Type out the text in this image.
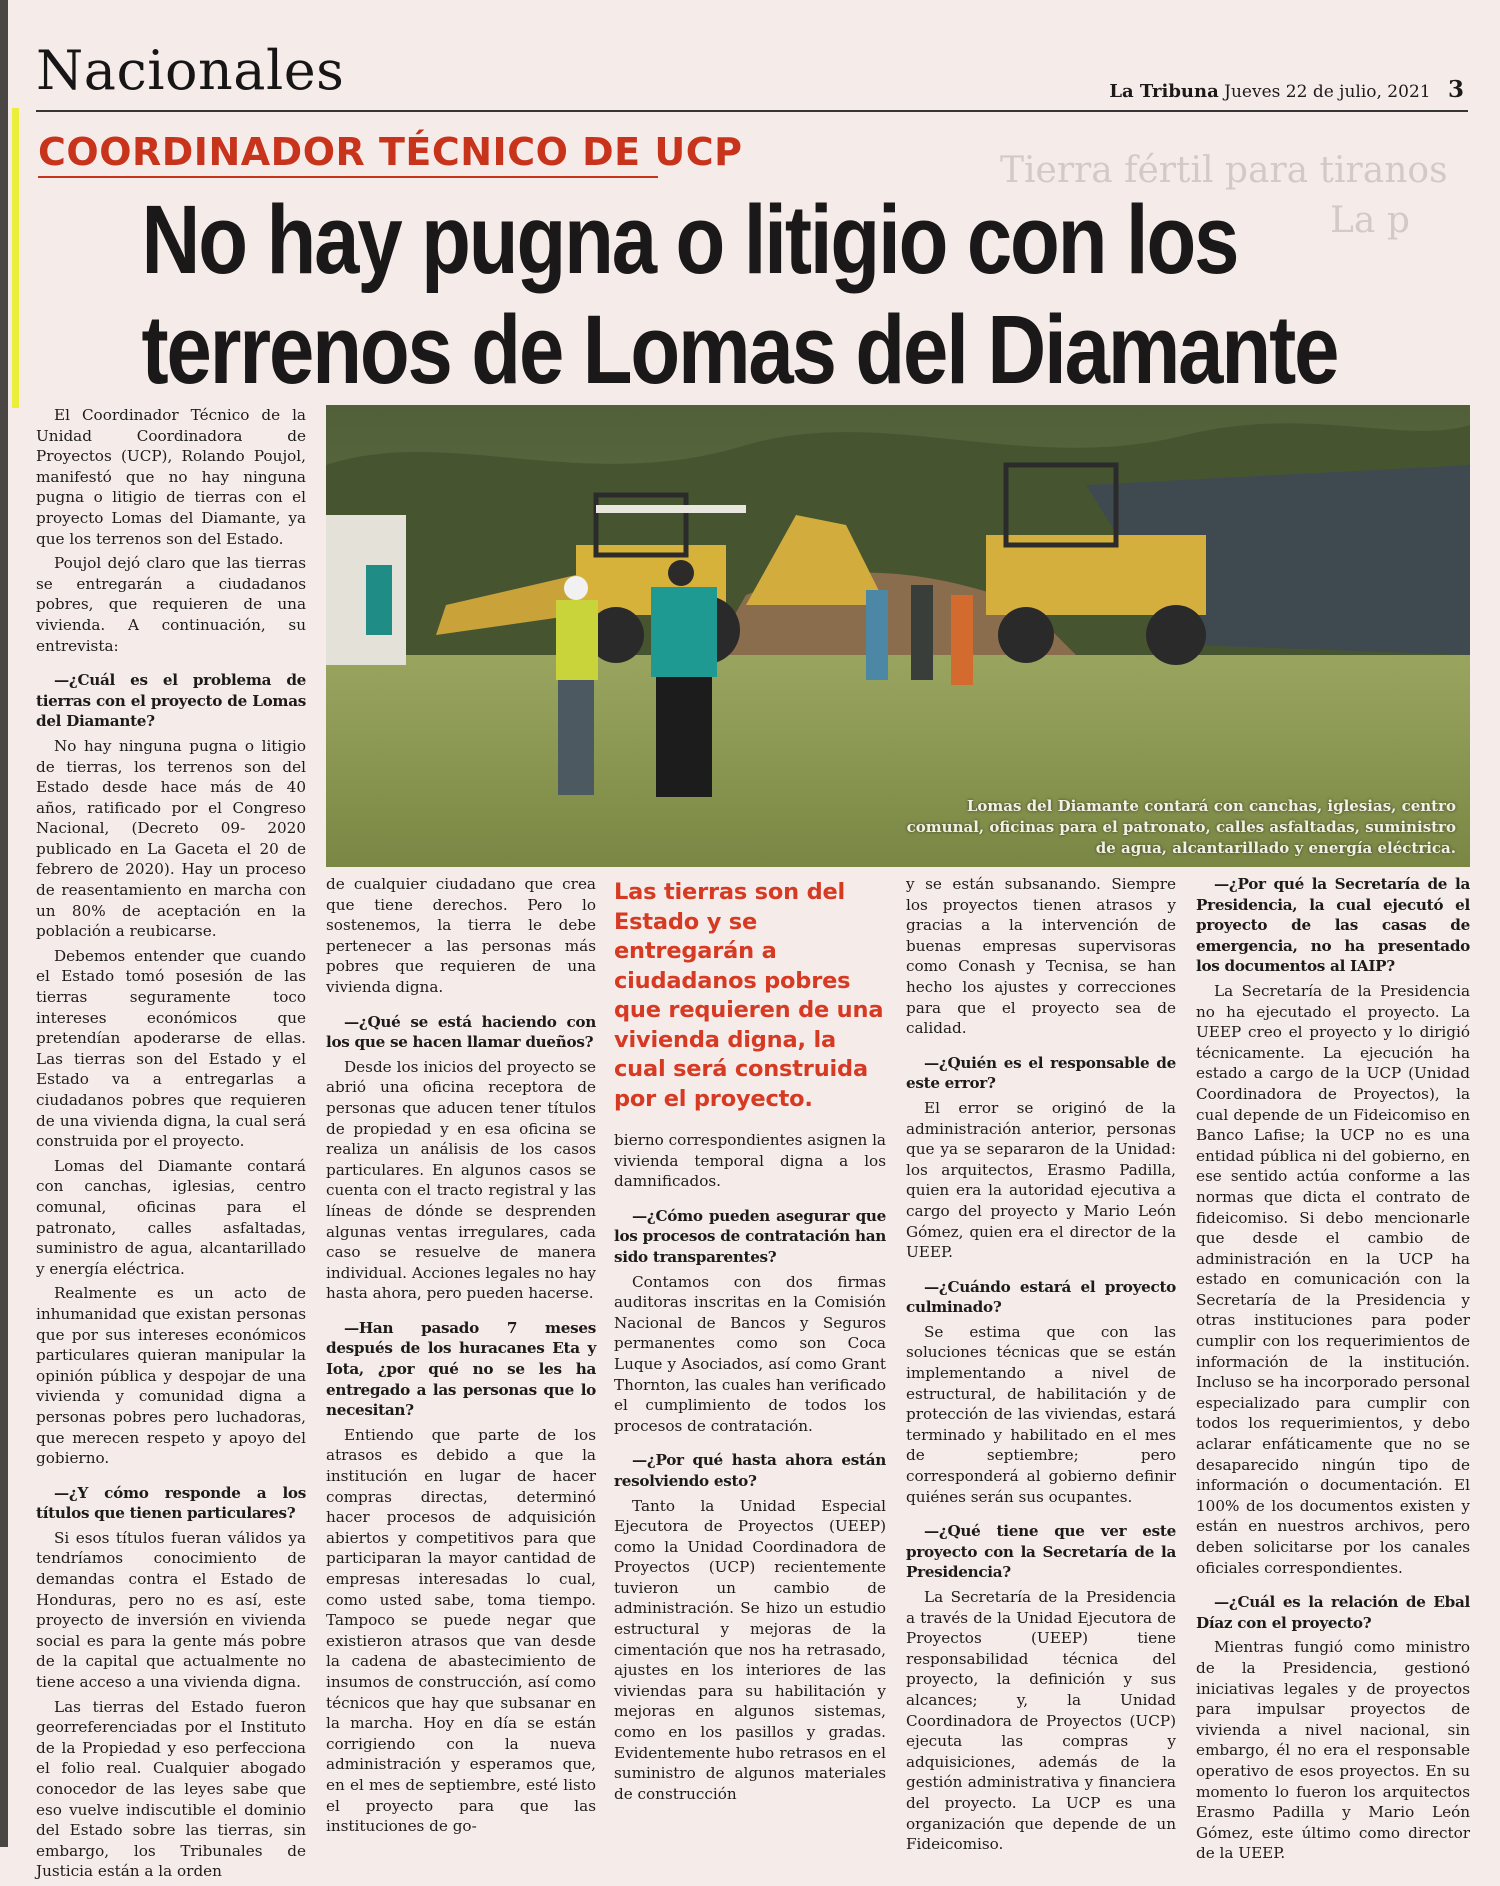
Tierra fértil para tiranos
La p
Nacionales	La Tribuna Jueves 22 de julio, 2021 3
COORDINADOR TÉCNICO DE UCP
No hay pugna o litigio con los
terrenos de Lomas del Diamante
Lomas del Diamante contará con canchas, iglesias, centro comunal, oficinas para el patronato, calles asfaltadas, suministro de agua, alcantarillado y energía eléctrica.

El Coordinador Técnico de la Unidad Coordinadora de Proyectos (UCP), Rolando Poujol, manifestó que no hay ninguna pugna o litigio de tierras con el proyecto Lomas del Diamante, ya que los terrenos son del Estado.

Poujol dejó claro que las tierras se entregarán a ciudadanos pobres, que requieren de una vivienda. A continuación, su entrevista:

—¿Cuál es el problema de tierras con el proyecto de Lomas del Diamante?

No hay ninguna pugna o litigio de tierras, los terrenos son del Estado desde hace más de 40 años, ratificado por el Congreso Nacional, (Decreto 09- 2020 publicado en La Gaceta el 20 de febrero de 2020). Hay un proceso de reasentamiento en marcha con un 80% de aceptación en la población a reubicarse.

Debemos entender que cuando el Estado tomó posesión de las tierras seguramente toco intereses económicos que pretendían apoderarse de ellas. Las tierras son del Estado y el Estado va a entregarlas a ciudadanos pobres que requieren de una vivienda digna, la cual será construida por el proyecto.

Lomas del Diamante contará con canchas, iglesias, centro comunal, oficinas para el patronato, calles asfaltadas, suministro de agua, alcantarillado y energía eléctrica.

Realmente es un acto de inhumanidad que existan personas que por sus intereses económicos particulares quieran manipular la opinión pública y despojar de una vivienda y comunidad digna a personas pobres pero luchadoras, que merecen respeto y apoyo del gobierno.

—¿Y cómo responde a los títulos que tienen particulares?

Si esos títulos fueran válidos ya tendríamos conocimiento de demandas contra el Estado de Honduras, pero no es así, este proyecto de inversión en vivienda social es para la gente más pobre de la capital que actualmente no tiene acceso a una vivienda digna.

Las tierras del Estado fueron georreferenciadas por el Instituto de la Propiedad y eso perfecciona el folio real. Cualquier abogado conocedor de las leyes sabe que eso vuelve indiscutible el dominio del Estado sobre las tierras, sin embargo, los Tribunales de Justicia están a la orden

de cualquier ciudadano que crea que tiene derechos. Pero lo sostenemos, la tierra le debe pertenecer a las personas más pobres que requieren de una vivienda digna.

—¿Qué se está haciendo con los que se hacen llamar dueños?

Desde los inicios del proyecto se abrió una oficina receptora de personas que aducen tener títulos de propiedad y en esa oficina se realiza un análisis de los casos particulares. En algunos casos se cuenta con el tracto registral y las líneas de dónde se desprenden algunas ventas irregulares, cada caso se resuelve de manera individual. Acciones legales no hay hasta ahora, pero pueden hacerse.

—Han pasado 7 meses después de los huracanes Eta y Iota, ¿por qué no se les ha entregado a las personas que lo necesitan?

Entiendo que parte de los atrasos es debido a que la institución en lugar de hacer compras directas, determinó hacer procesos de adquisición abiertos y competitivos para que participaran la mayor cantidad de empresas interesadas lo cual, como usted sabe, toma tiempo. Tampoco se puede negar que existieron atrasos que van desde la cadena de abastecimiento de insumos de construcción, así como técnicos que hay que subsanar en la marcha. Hoy en día se están corrigiendo con la nueva administración y esperamos que, en el mes de septiembre, esté listo el proyecto para que las instituciones de go-

Las tierras son del Estado y se entregarán a ciudadanos pobres que requieren de una vivienda digna, la cual será construida por el proyecto.

bierno correspondientes asignen la vivienda temporal digna a los damnificados.

—¿Cómo pueden asegurar que los procesos de contratación han sido transparentes?

Contamos con dos firmas auditoras inscritas en la Comisión Nacional de Bancos y Seguros permanentes como son Coca Luque y Asociados, así como Grant Thornton, las cuales han verificado el cumplimiento de todos los procesos de contratación.

—¿Por qué hasta ahora están resolviendo esto?

Tanto la Unidad Especial Ejecutora de Proyectos (UEEP) como la Unidad Coordinadora de Proyectos (UCP) recientemente tuvieron un cambio de administración. Se hizo un estudio estructural y mejoras de la cimentación que nos ha retrasado, ajustes en los interiores de las viviendas para su habilitación y mejoras en algunos sistemas, como en los pasillos y gradas. Evidentemente hubo retrasos en el suministro de algunos materiales de construcción

y se están subsanando. Siempre los proyectos tienen atrasos y gracias a la intervención de buenas empresas supervisoras como Conash y Tecnisa, se han hecho los ajustes y correcciones para que el proyecto sea de calidad.

—¿Quién es el responsable de este error?

El error se originó de la administración anterior, personas que ya se separaron de la Unidad: los arquitectos, Erasmo Padilla, quien era la autoridad ejecutiva a cargo del proyecto y Mario León Gómez, quien era el director de la UEEP.

—¿Cuándo estará el proyecto culminado?

Se estima que con las soluciones técnicas que se están implementando a nivel de estructural, de habilitación y de protección de las viviendas, estará terminado y habilitado en el mes de septiembre; pero corresponderá al gobierno definir quiénes serán sus ocupantes.

—¿Qué tiene que ver este proyecto con la Secretaría de la Presidencia?

La Secretaría de la Presidencia a través de la Unidad Ejecutora de Proyectos (UEEP) tiene responsabilidad técnica del proyecto, la definición y sus alcances; y, la Unidad Coordinadora de Proyectos (UCP) ejecuta las compras y adquisiciones, además de la gestión administrativa y financiera del proyecto. La UCP es una organización que depende de un Fideicomiso.

—¿Por qué la Secretaría de la Presidencia, la cual ejecutó el proyecto de las casas de emergencia, no ha presentado los documentos al IAIP?

La Secretaría de la Presidencia no ha ejecutado el proyecto. La UEEP creo el proyecto y lo dirigió técnicamente. La ejecución ha estado a cargo de la UCP (Unidad Coordinadora de Proyectos), la cual depende de un Fideicomiso en Banco Lafise; la UCP no es una entidad pública ni del gobierno, en ese sentido actúa conforme a las normas que dicta el contrato de fideicomiso. Si debo mencionarle que desde el cambio de administración en la UCP ha estado en comunicación con la Secretaría de la Presidencia y otras instituciones para poder cumplir con los requerimientos de información de la institución. Incluso se ha incorporado personal especializado para cumplir con todos los requerimientos, y debo aclarar enfáticamente que no se desaparecido ningún tipo de información o documentación. El 100% de los documentos existen y están en nuestros archivos, pero deben solicitarse por los canales oficiales correspondientes.

—¿Cuál es la relación de Ebal Díaz con el proyecto?

Mientras fungió como ministro de la Presidencia, gestionó iniciativas legales y de proyectos para impulsar proyectos de vivienda a nivel nacional, sin embargo, él no era el responsable operativo de esos proyectos. En su momento lo fueron los arquitectos Erasmo Padilla y Mario León Gómez, este último como director de la UEEP.
